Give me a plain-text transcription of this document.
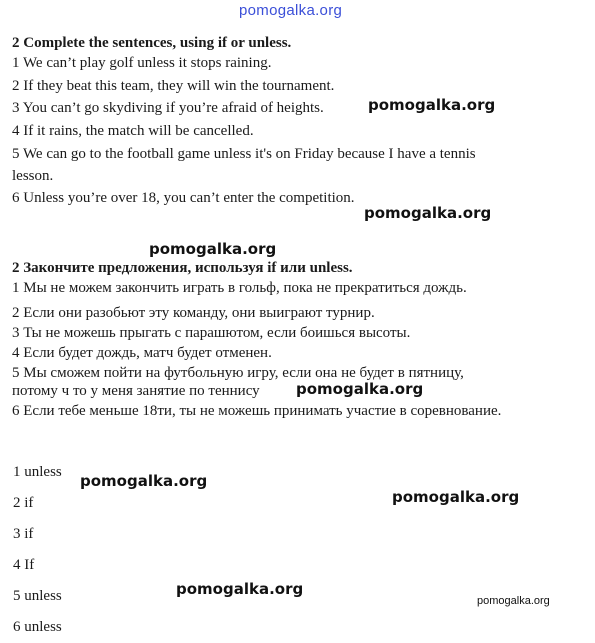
pomogalka.org
2 Complete the sentences, using if or unless.
1 We can’t play golf unless it stops raining.
2 If they beat this team, they will win the tournament.
3 You can’t go skydiving if you’re afraid of heights.
4 If it rains, the match will be cancelled.
5 We can go to the football game unless it's on Friday because I have a tennis
lesson.
6 Unless you’re over 18, you can’t enter the competition.
pomogalka.org
pomogalka.org
pomogalka.org
2 Закончите предложения, используя if или unless.
1 Мы не можем закончить играть в гольф, пока не прекратиться дождь.
2 Если они разобьют эту команду, они выиграют турнир.
3 Ты не можешь прыгать с парашютом, если боишься высоты.
4 Если будет дождь, матч будет отменен.
5 Мы сможем пойти на футбольную игру, если она не будет в пятницу,
потому ч то у меня занятие по теннису
6 Если тебе меньше 18ти, ты не можешь принимать участие в соревнование.
pomogalka.org
1 unless
2 if
3 if
4 If
5 unless
6 unless
pomogalka.org
pomogalka.org
pomogalka.org
pomogalka.org
